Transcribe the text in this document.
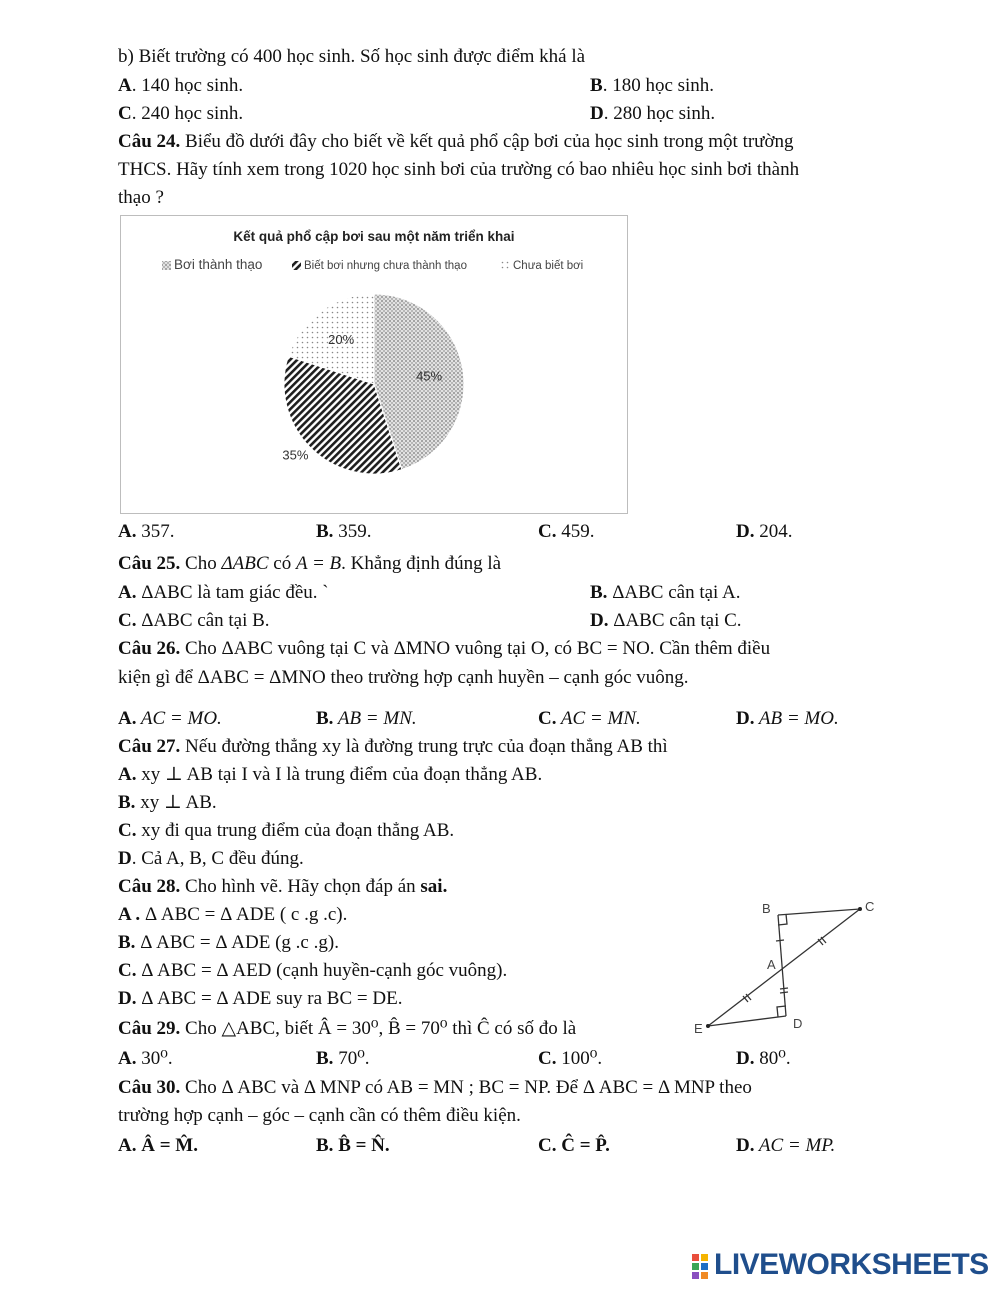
b) Biết trường có 400 học sinh. Số học sinh được điểm khá là
A. 140 học sinh.	B. 180 học sinh.
C. 240 học sinh.	D. 280 học sinh.
Câu 24. Biểu đồ dưới đây cho biết về kết quả phổ cập bơi của học sinh trong một trường
THCS. Hãy tính xem trong 1020 học sinh bơi của trường có bao nhiêu học sinh bơi thành
thạo ?
Kết quả phổ cập bơi sau một năm triển khai
Bơi thành thạo	Biết bơi nhưng chưa thành thạo	Chưa biết bơi
45%
35%
20%
A. 357.	B. 359.	C. 459.	D. 204.
Câu 25. Cho ΔABC có A = B. Khẳng định đúng là
A. ΔABC là tam giác đều. `	B. ΔABC cân tại A.
C. ΔABC cân tại B.	D. ΔABC cân tại C.
Câu 26. Cho ΔABC vuông tại C và ΔMNO vuông tại O, có BC = NO. Cần thêm điều
kiện gì để ΔABC = ΔMNO theo trường hợp cạnh huyền – cạnh góc vuông.
A. AC = MO.	B. AB = MN.	C. AC = MN.	D. AB = MO.
Câu 27. Nếu đường thẳng xy là đường trung trực của đoạn thẳng AB thì
A. xy ⊥ AB tại I và I là trung điểm của đoạn thẳng AB.
B. xy ⊥ AB.
C. xy đi qua trung điểm của đoạn thẳng AB.
D. Cả A, B, C đều đúng.
Câu 28. Cho hình vẽ. Hãy chọn đáp án sai.
A . Δ ABC = Δ ADE ( c .g .c).
B. Δ ABC = Δ ADE (g .c .g).
C. Δ ABC = Δ AED (cạnh huyền-cạnh góc vuông).
D. Δ ABC = Δ ADE suy ra BC = DE.
B	C
A
E	D
Câu 29. Cho △ABC, biết Â = 30⁰, B̂ = 70⁰ thì Ĉ có số đo là
A. 30⁰.	B. 70⁰.	C. 100⁰.	D. 80⁰.
Câu 30. Cho Δ ABC và Δ MNP có AB = MN ; BC = NP. Để Δ ABC = Δ MNP theo
trường hợp cạnh – góc – cạnh cần có thêm điều kiện.
A. Â = M̂.	B. B̂ = N̂.	C. Ĉ = P̂.	D. AC = MP.
LIVEWORKSHEETS
